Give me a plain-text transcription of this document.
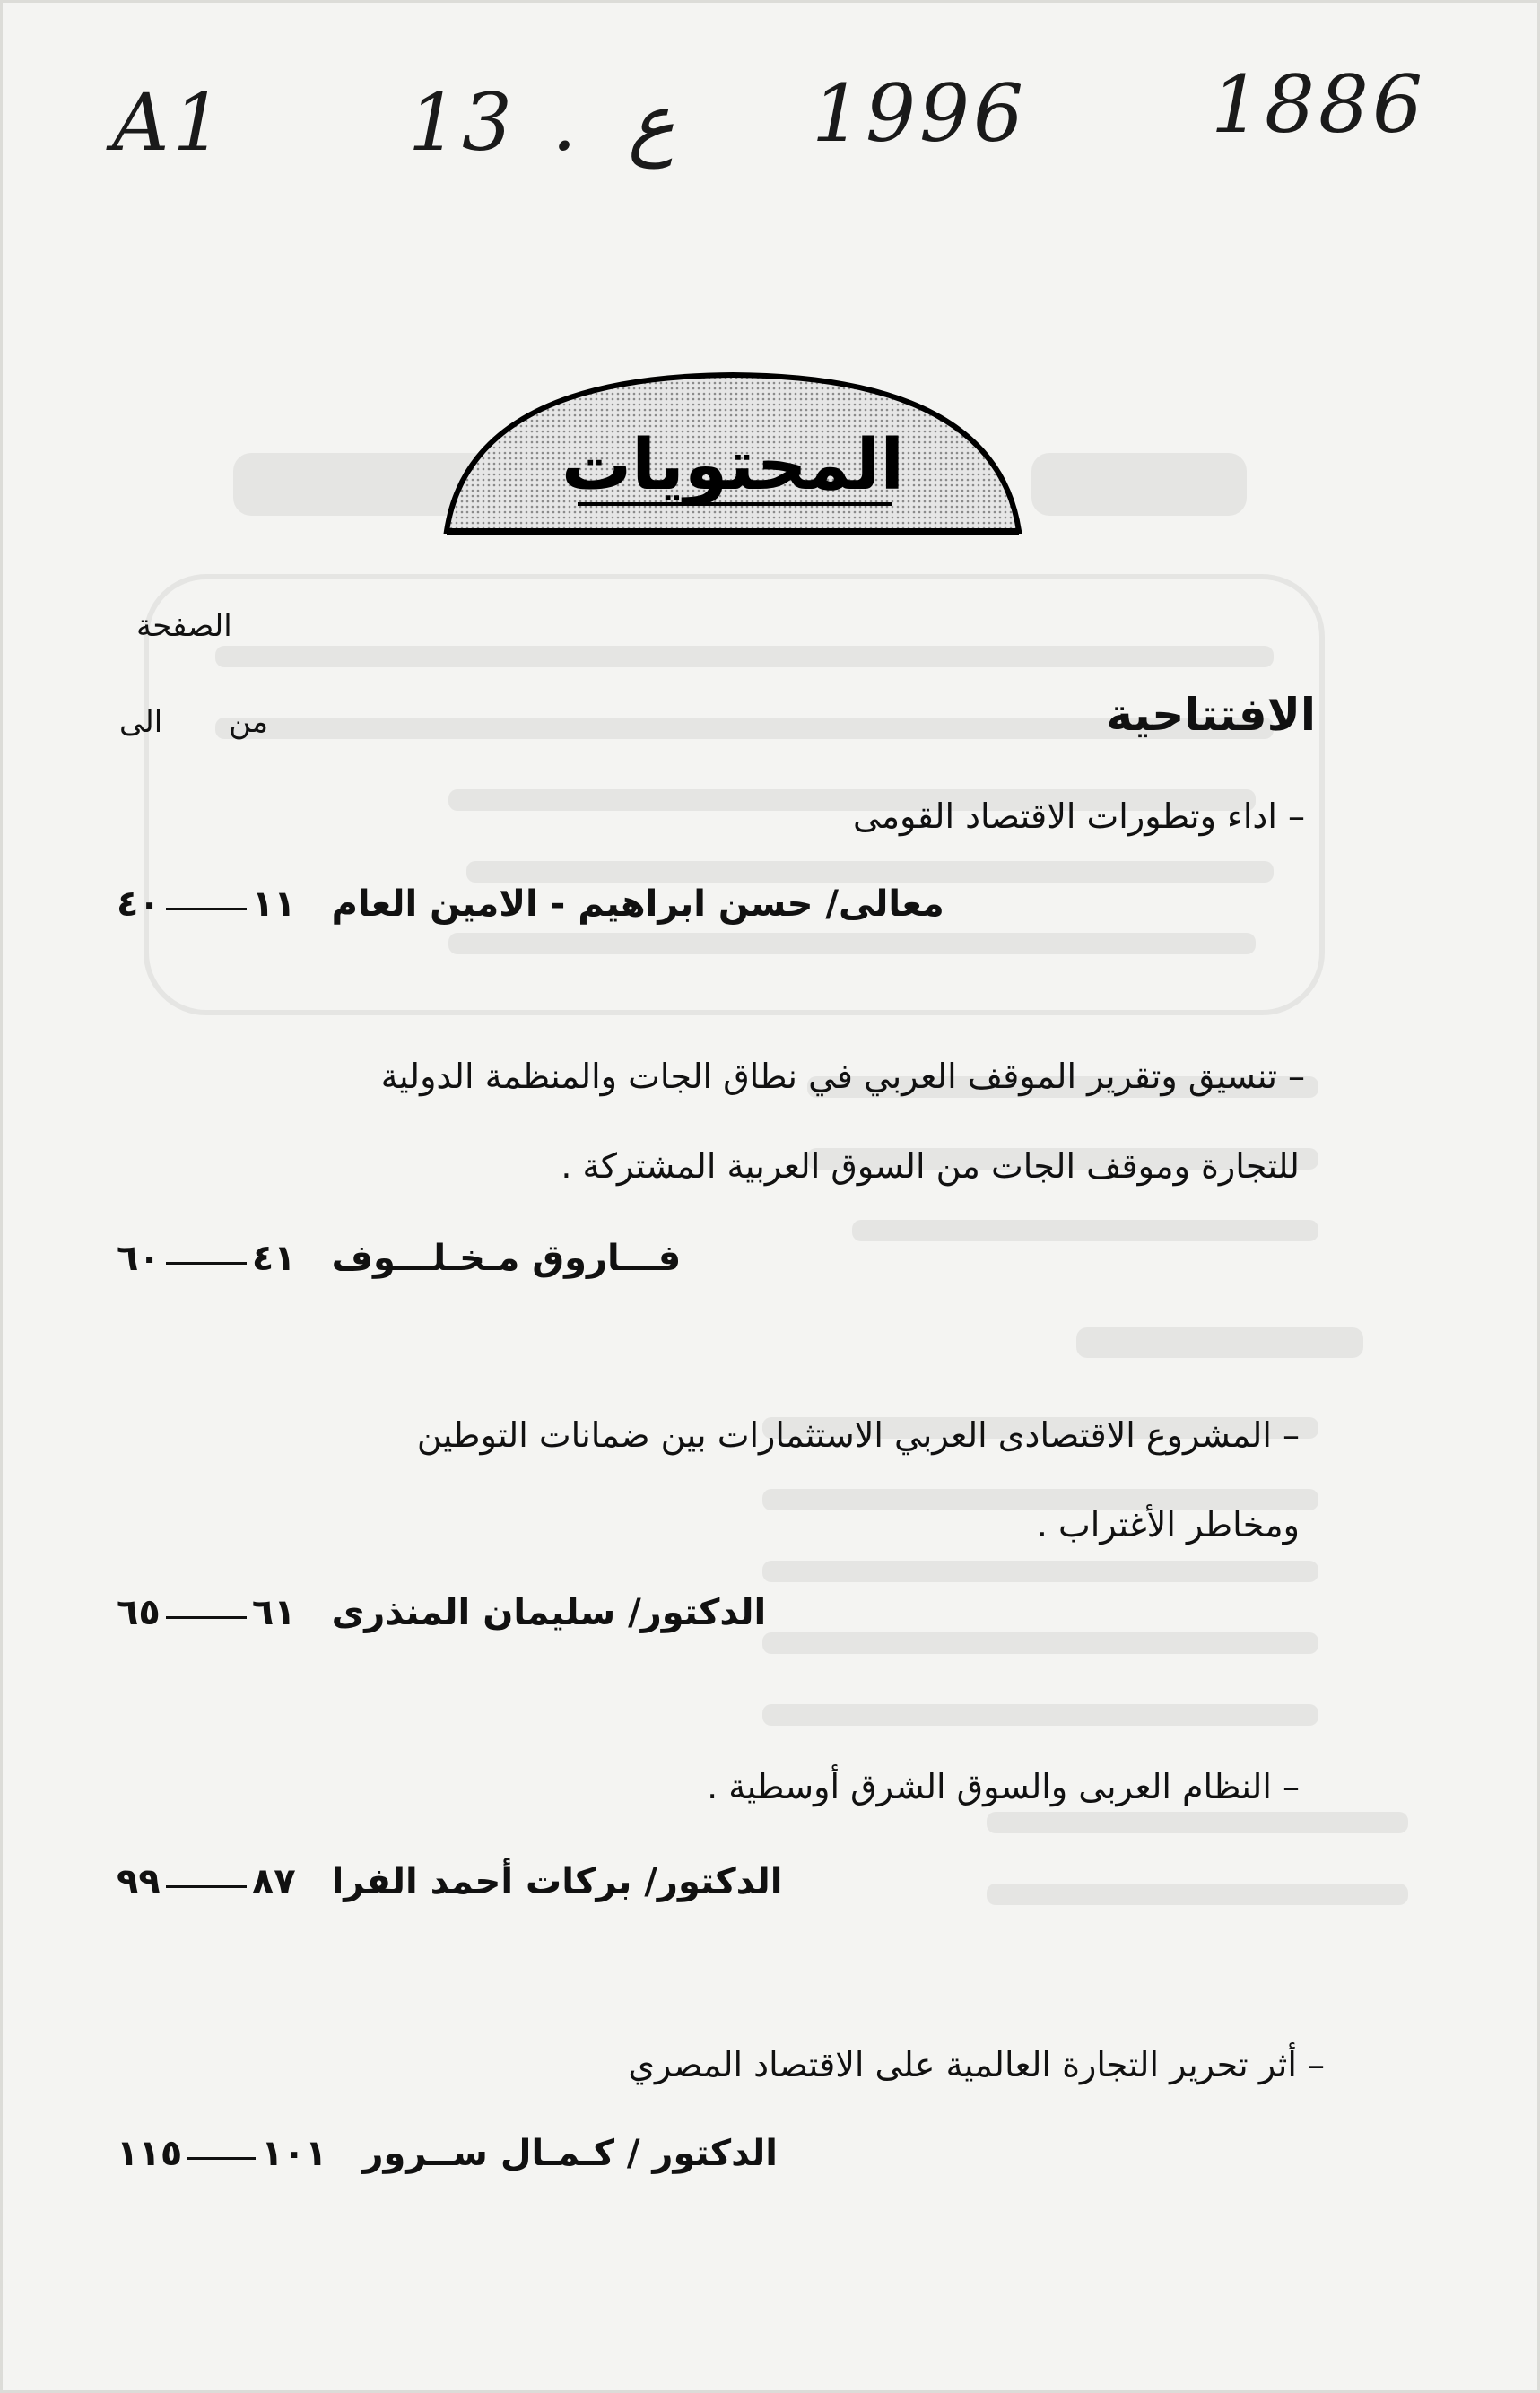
A1 13 . ع 1996 1886
المحتويات
الصفحة
من
الى	الافتتاحية
– اداء وتطورات الاقتصاد القومى
معالى/ حسن ابراهيم - الامين العام ١١٤٠
– تنسيق وتقرير الموقف العربي في نطاق الجات والمنظمة الدولية
للتجارة وموقف الجات من السوق العربية المشتركة .
فـــاروق مـخـلـــوف ٤١٦٠
– المشروع الاقتصادى العربي الاستثمارات بين ضمانات التوطين
ومخاطر الأغتراب .
الدكتور/ سليمان المنذرى ٦١٦٥
– النظام العربى والسوق الشرق أوسطية .
الدكتور/ بركات أحمد الفرا ٨٧٩٩
– أثر تحرير التجارة العالمية على الاقتصاد المصري
الدكتور / كـمـال ســرور ١٠١١١٥
